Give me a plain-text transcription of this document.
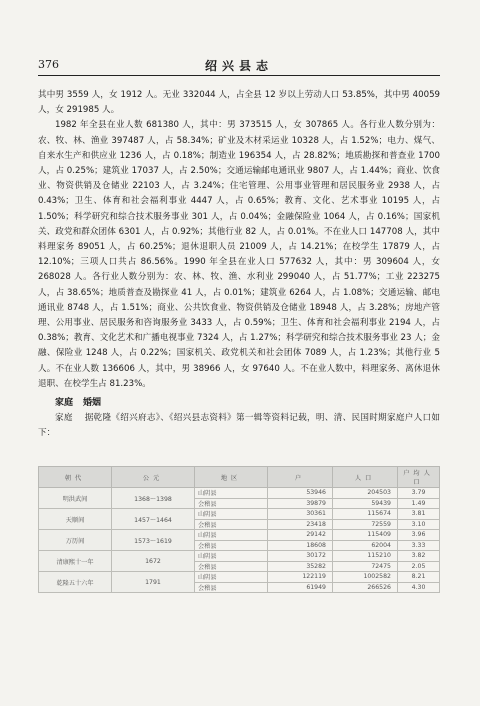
376	绍兴县志

其中男 3559 人，女 1912 人。无业 332044 人，占全县 12 岁以上劳动人口 53.85%，其中男 40059 人，女 291985 人。

1982 年全县在业人数 681380 人，其中：男 373515 人，女 307865 人。各行业人数分别为：农、牧、林、渔业 397487 人，占 58.34%；矿业及木材采运业 10328 人，占 1.52%；电力、煤气、自来水生产和供应业 1236 人，占 0.18%；制造业 196354 人，占 28.82%；地质勘探和普查业 1700 人，占 0.25%；建筑业 17037 人，占 2.50%；交通运输邮电通讯业 9807 人，占 1.44%；商业、饮食业、物资供销及仓储业 22103 人，占 3.24%；住宅管理、公用事业管理和居民服务业 2938 人，占 0.43%；卫生、体育和社会福利事业 4447 人，占 0.65%；教育、文化、艺术事业 10195 人，占 1.50%；科学研究和综合技术服务事业 301 人，占 0.04%；金融保险业 1064 人，占 0.16%；国家机关、政党和群众团体 6301 人，占 0.92%；其他行业 82 人，占 0.01%。不在业人口 147708 人，其中料理家务 89051 人，占 60.25%；退休退职人员 21009 人，占 14.21%；在校学生 17879 人，占 12.10%；三项人口共占 86.56%。1990 年全县在业人口 577632 人，其中：男 309604 人，女 268028 人。各行业人数分别为：农、林、牧、渔、水利业 299040 人，占 51.77%；工业 223275 人，占 38.65%；地质普查及勘探业 41 人，占 0.01%；建筑业 6264 人，占 1.08%；交通运输、邮电通讯业 8748 人，占 1.51%；商业、公共饮食业、物资供销及仓储业 18948 人，占 3.28%；房地产管理、公用事业、居民服务和咨询服务业 3433 人，占 0.59%；卫生、体育和社会福利事业 2194 人，占 0.38%；教育、文化艺术和广播电视事业 7324 人，占 1.27%；科学研究和综合技术服务事业 23 人；金融、保险业 1248 人，占 0.22%；国家机关、政党机关和社会团体 7089 人，占 1.23%；其他行业 5 人。不在业人数 136606 人，其中，男 38966 人，女 97640 人。不在业人数中，料理家务、离休退休退职、在校学生占 81.23%。

家庭 婚姻

家庭　 据乾隆《绍兴府志》、《绍兴县志资料》第一辑等资料记载，明、清、民国时期家庭户人口如下：

朝代	公元	地区	户	人口	户均人口
明洪武间	1368～1398	山阴县	53946	204503	3.79
		会稽县	39879	59439	1.49
天顺间	1457～1464	山阴县	30361	115674	3.81
		会稽县	23418	72559	3.10
万历间	1573～1619	山阴县	29142	115409	3.96
		会稽县	18608	62004	3.33
清康熙十一年	1672	山阴县	30172	115210	3.82
		会稽县	35282	72475	2.05
乾隆五十六年	1791	山阴县	122119	1002582	8.21
		会稽县	61949	266526	4.30
